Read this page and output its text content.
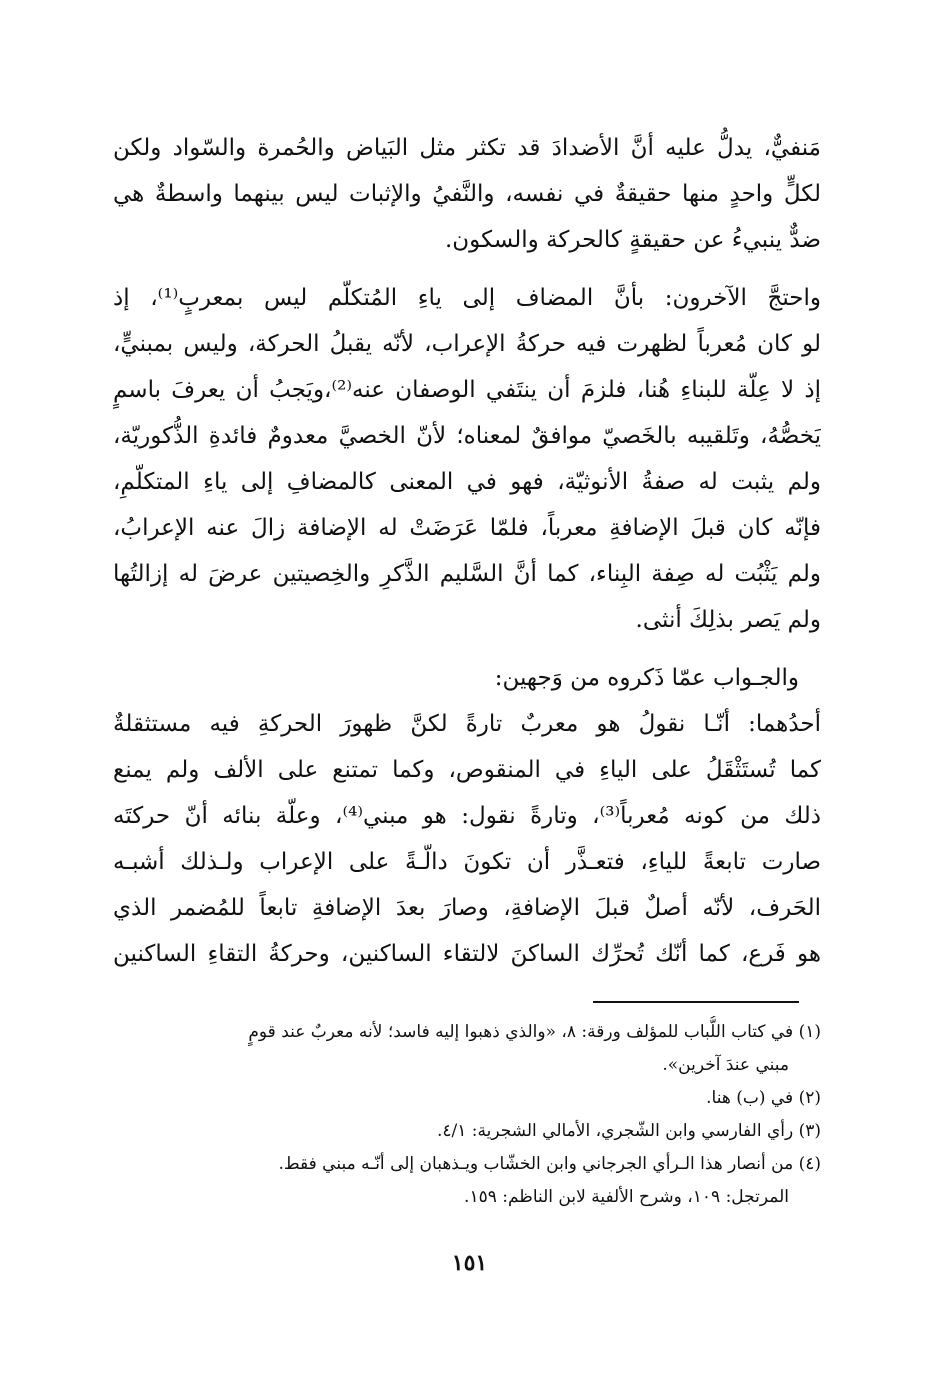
مَنفيٌّ، يدلُّ عليه أنَّ الأضدادَ قد تكثر مثل البَياض والحُمرة والسّواد ولكن
لكلٍّ واحدٍ منها حقيقةٌ في نفسه، والنَّفيُ والإثبات ليس بينهما واسطةٌ هي
ضدٌّ ينبيءُ عن حقيقةٍ كالحركة والسكون.
واحتجَّ الآخرون: بأنَّ المضاف إلى ياءِ المُتكلّم ليس بمعربٍ⁽¹⁾، إذ
لو كان مُعرباً لظهرت فيه حركةُ الإعراب، لأنّه يقبلُ الحركة، وليس بمبنيٍّ،
إذ لا عِلّة للبناءِ هُنا، فلزمَ أن ينتَفي الوصفان عنه⁽²⁾،ويَجبُ أن يعرفَ باسمٍ
يَخصُّهُ، وتَلقيبه بالخَصيّ موافقٌ لمعناه؛ لأنّ الخصيَّ معدومٌ فائدةِ الذُّكوريّة،
ولم يثبت له صفةُ الأنوثيّة، فهو في المعنى كالمضافِ إلى ياءِ المتكلّمِ،
فإنّه كان قبلَ الإضافةِ معرباً، فلمّا عَرَضَتْ له الإضافة زالَ عنه الإعرابُ،
ولم يَثْبُت له صِفة البِناء، كما أنَّ السَّليم الذَّكرِ والخِصيتين عرضَ له إزالتُها
ولم يَصر بذلِكَ أنثى.
والجـواب عمّا ذَكروه من وَجهين:
أحدُهما: أنّـا نقولُ هو معربٌ تارةً لكنَّ ظهورَ الحركةِ فيه مستثقلةٌ
كما تُستَثْقَلُ على الياءِ في المنقوص، وكما تمتنع على الألف ولم يمنع
ذلك من كونه مُعرباً⁽³⁾، وتارةً نقول: هو مبني⁽⁴⁾، وعلّة بنائه أنّ حركتَه
صارت تابعةً للياءِ، فتعـذَّر أن تكونَ دالّـةً على الإعراب ولـذلك أشبـه
الحَرف، لأنّه أصلٌ قبلَ الإضافةِ، وصارَ بعدَ الإضافةِ تابعاً للمُضمر الذي
هو فَرع، كما أنّك تُحرِّك الساكنَ لالتقاء الساكنين، وحركةُ التقاءِ الساكنين
(١) في كتاب اللُّباب للمؤلف ورقة: ٨، «والذي ذهبوا إليه فاسد؛ لأنه معربٌ عند قومٍ
مبني عندَ آخرين».
(٢) في (ب) هنا.
(٣) رأي الفارسي وابن الشّجري، الأمالي الشجرية: ٤/١.
(٤) من أنصار هذا الـرأي الجرجاني وابن الخشّاب ويـذهبان إلى أنّـه مبني فقط.
المرتجل: ١٠٩، وشرح الألفية لابن الناظم: ١٥٩.
١٥١
